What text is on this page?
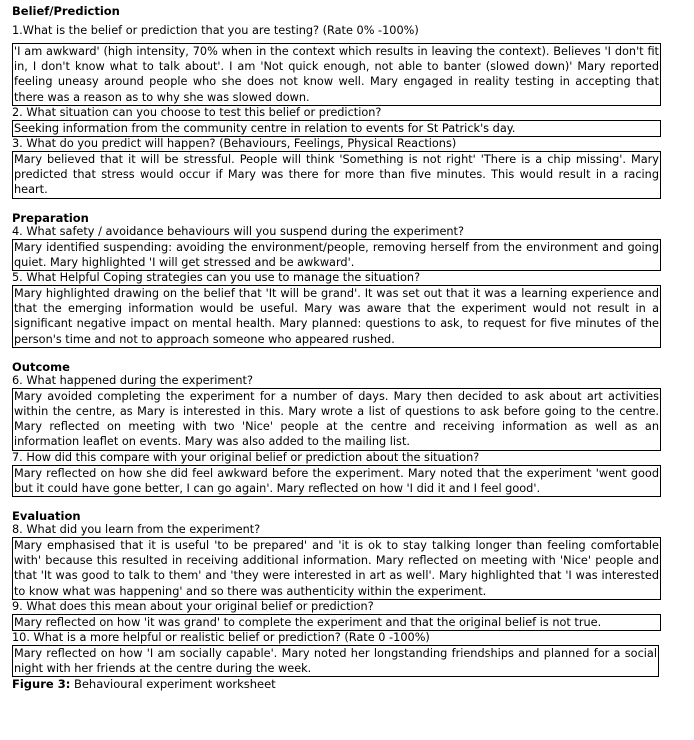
Belief/Prediction

1.What is the belief or prediction that you are testing? (Rate 0% -100%)

'I am awkward' (high intensity, 70% when in the context which results in leaving the context). Believes 'I don't fit in, I don't know what to talk about'. I am 'Not quick enough, not able to banter (slowed down)' Mary reported feeling uneasy around people who she does not know well. Mary engaged in reality testing in accepting that there was a reason as to why she was slowed down.

2. What situation can you choose to test this belief or prediction?

Seeking information from the community centre in relation to events for St Patrick's day.

3. What do you predict will happen? (Behaviours, Feelings, Physical Reactions)

Mary believed that it will be stressful. People will think 'Something is not right' 'There is a chip missing'. Mary predicted that stress would occur if Mary was there for more than five minutes. This would result in a racing heart.

Preparation

4. What safety / avoidance behaviours will you suspend during the experiment?

Mary identified suspending: avoiding the environment/people, removing herself from the environment and going quiet. Mary highlighted 'I will get stressed and be awkward'.

5. What Helpful Coping strategies can you use to manage the situation?

Mary highlighted drawing on the belief that 'It will be grand'. It was set out that it was a learning experience and that the emerging information would be useful. Mary was aware that the experiment would not result in a significant negative impact on mental health. Mary planned: questions to ask, to request for five minutes of the person's time and not to approach someone who appeared rushed.

Outcome

6. What happened during the experiment?

Mary avoided completing the experiment for a number of days. Mary then decided to ask about art activities within the centre, as Mary is interested in this. Mary wrote a list of questions to ask before going to the centre. Mary reflected on meeting with two 'Nice' people at the centre and receiving information as well as an information leaflet on events. Mary was also added to the mailing list.

7. How did this compare with your original belief or prediction about the situation?

Mary reflected on how she did feel awkward before the experiment. Mary noted that the experiment 'went good but it could have gone better, I can go again'. Mary reflected on how 'I did it and I feel good'.

Evaluation

8. What did you learn from the experiment?

Mary emphasised that it is useful 'to be prepared' and 'it is ok to stay talking longer than feeling comfortable with' because this resulted in receiving additional information. Mary reflected on meeting with 'Nice' people and that 'It was good to talk to them' and 'they were interested in art as well'. Mary highlighted that 'I was interested to know what was happening' and so there was authenticity within the experiment.

9. What does this mean about your original belief or prediction?

Mary reflected on how 'it was grand' to complete the experiment and that the original belief is not true.

10. What is a more helpful or realistic belief or prediction? (Rate 0 -100%)

Mary reflected on how 'I am socially capable'. Mary noted her longstanding friendships and planned for a social night with her friends at the centre during the week.

Figure 3: Behavioural experiment worksheet
